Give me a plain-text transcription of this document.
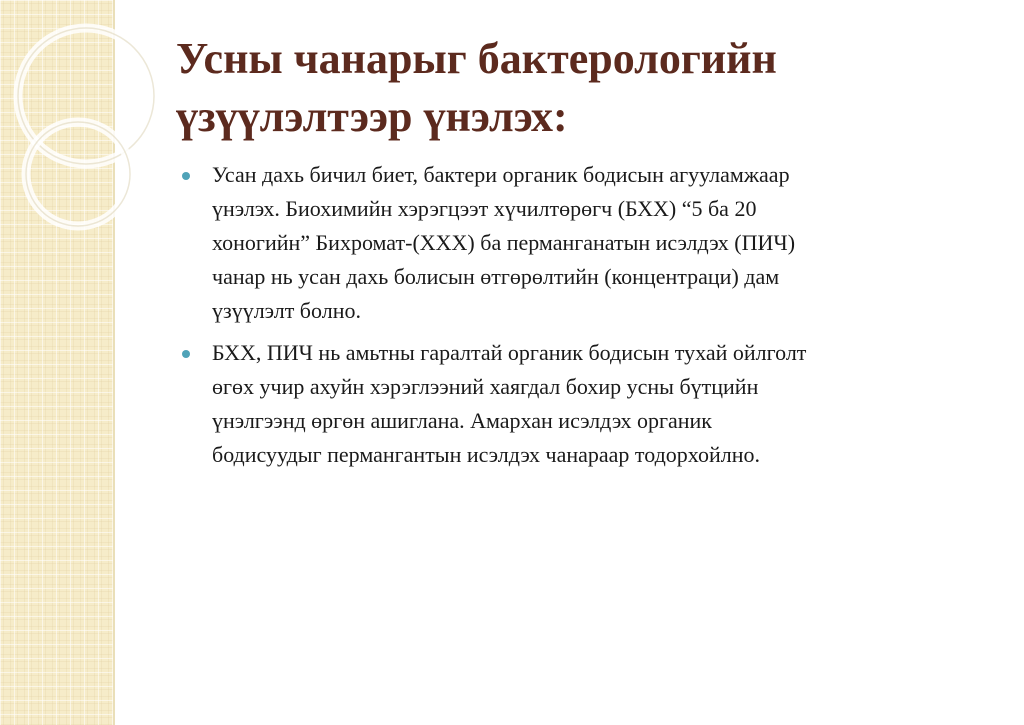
Усны чанарыг бактерологийн
үзүүлэлтээр үнэлэх:
Усан дахь бичил биет, бактери органик бодисын агууламжаар
үнэлэх. Биохимийн хэрэгцээт хүчилтөрөгч (БХХ) “5 ба 20
хоногийн” Бихромат-(ХХХ) ба перманганатын исэлдэх (ПИЧ)
чанар нь усан дахь болисын өтгөрөлтийн (концентраци) дам
үзүүлэлт болно.
БХХ, ПИЧ нь амьтны гаралтай органик бодисын тухай ойлголт
өгөх учир ахуйн хэрэглээний хаягдал бохир усны бүтцийн
үнэлгээнд өргөн ашиглана. Амархан исэлдэх органик
бодисуудыг пермангантын исэлдэх чанараар тодорхойлно.
